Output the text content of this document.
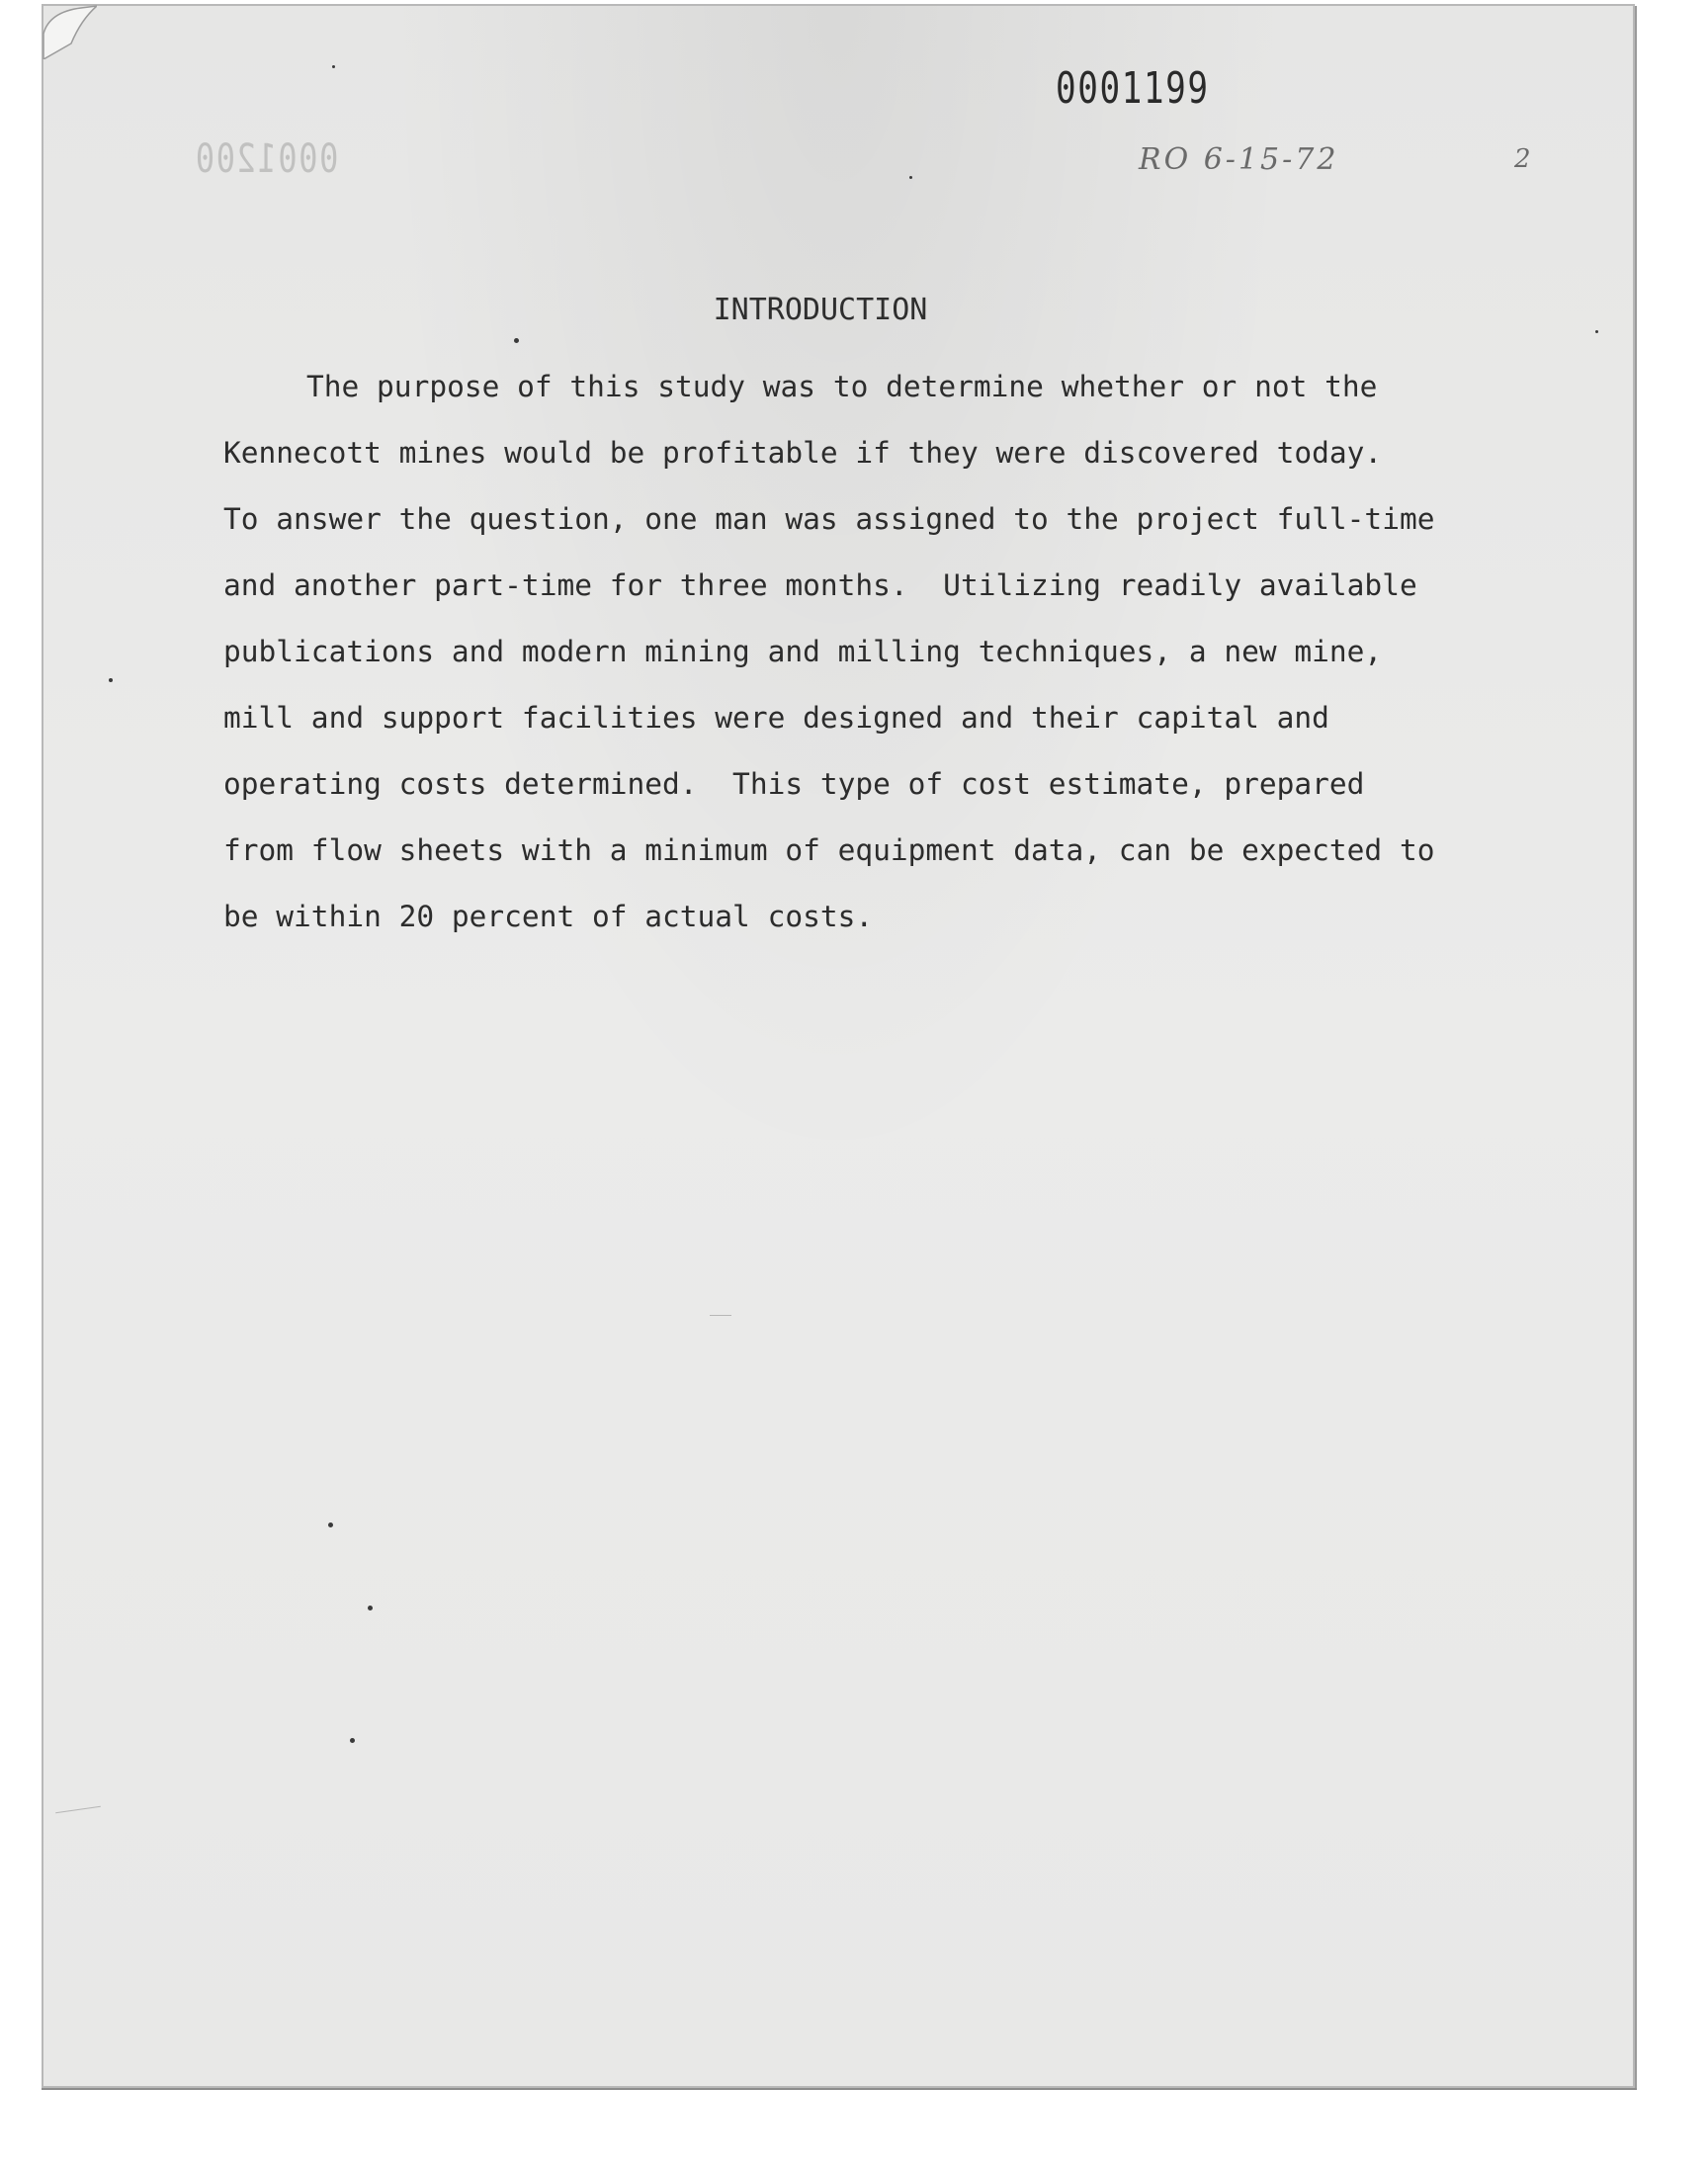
0001199
0001200	RO 6-15-72	2
INTRODUCTION
The purpose of this study was to determine whether or not the
Kennecott mines would be profitable if they were discovered today.
To answer the question, one man was assigned to the project full-time
and another part-time for three months.  Utilizing readily available
publications and modern mining and milling techniques, a new mine,
mill and support facilities were designed and their capital and
operating costs determined.  This type of cost estimate, prepared
from flow sheets with a minimum of equipment data, can be expected to
be within 20 percent of actual costs.
